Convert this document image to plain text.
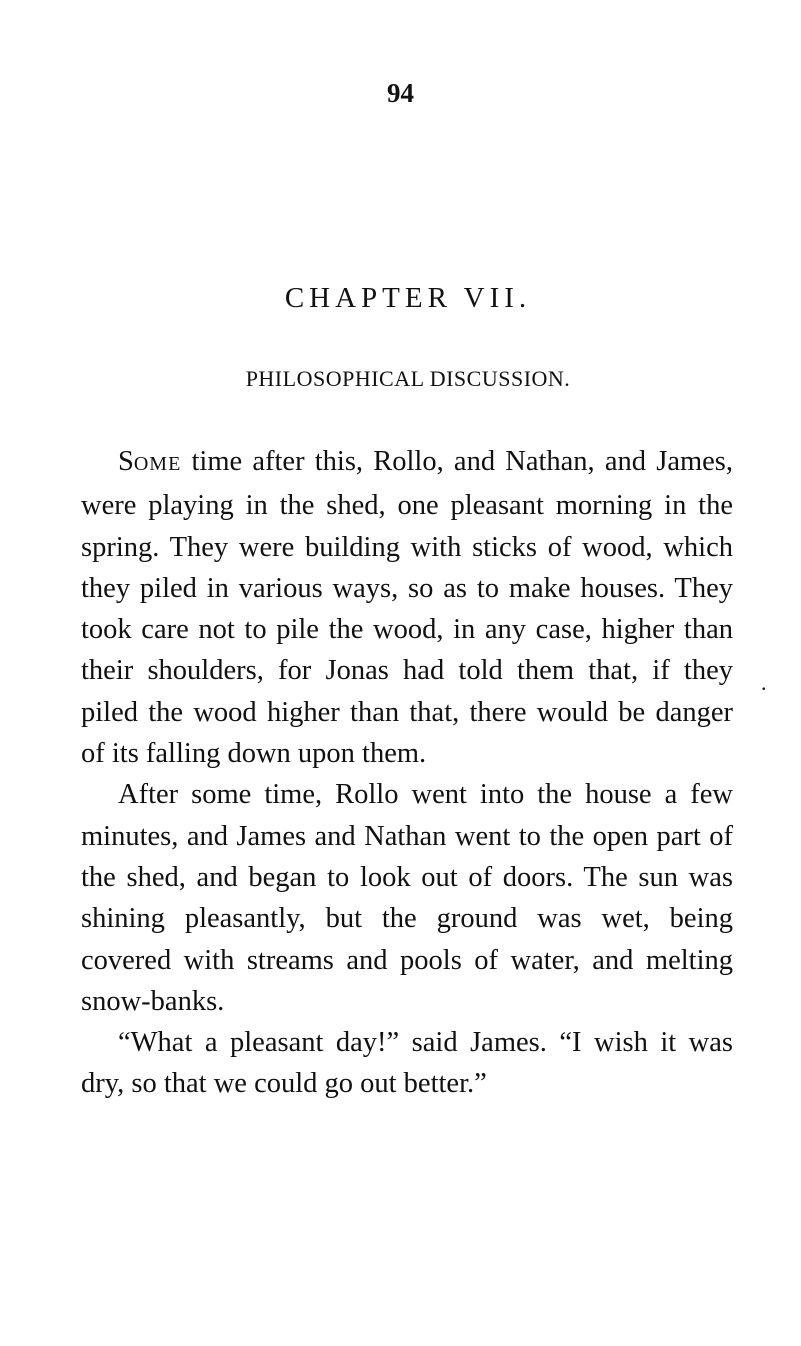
94
CHAPTER VII.
PHILOSOPHICAL DISCUSSION.

SOME time after this, Rollo, and Nathan, and James, were playing in the shed, one pleasant morning in the spring. They were building with sticks of wood, which they piled in various ways, so as to make houses. They took care not to pile the wood, in any case, higher than their shoulders, for Jonas had told them that, if they piled the wood higher than that, there would be danger of its falling down upon them.

After some time, Rollo went into the house a few minutes, and James and Nathan went to the open part of the shed, and began to look out of doors. The sun was shining pleasantly, but the ground was wet, being covered with streams and pools of water, and melting snow-banks.

“What a pleasant day!” said James. “I wish it was dry, so that we could go out better.”

.
